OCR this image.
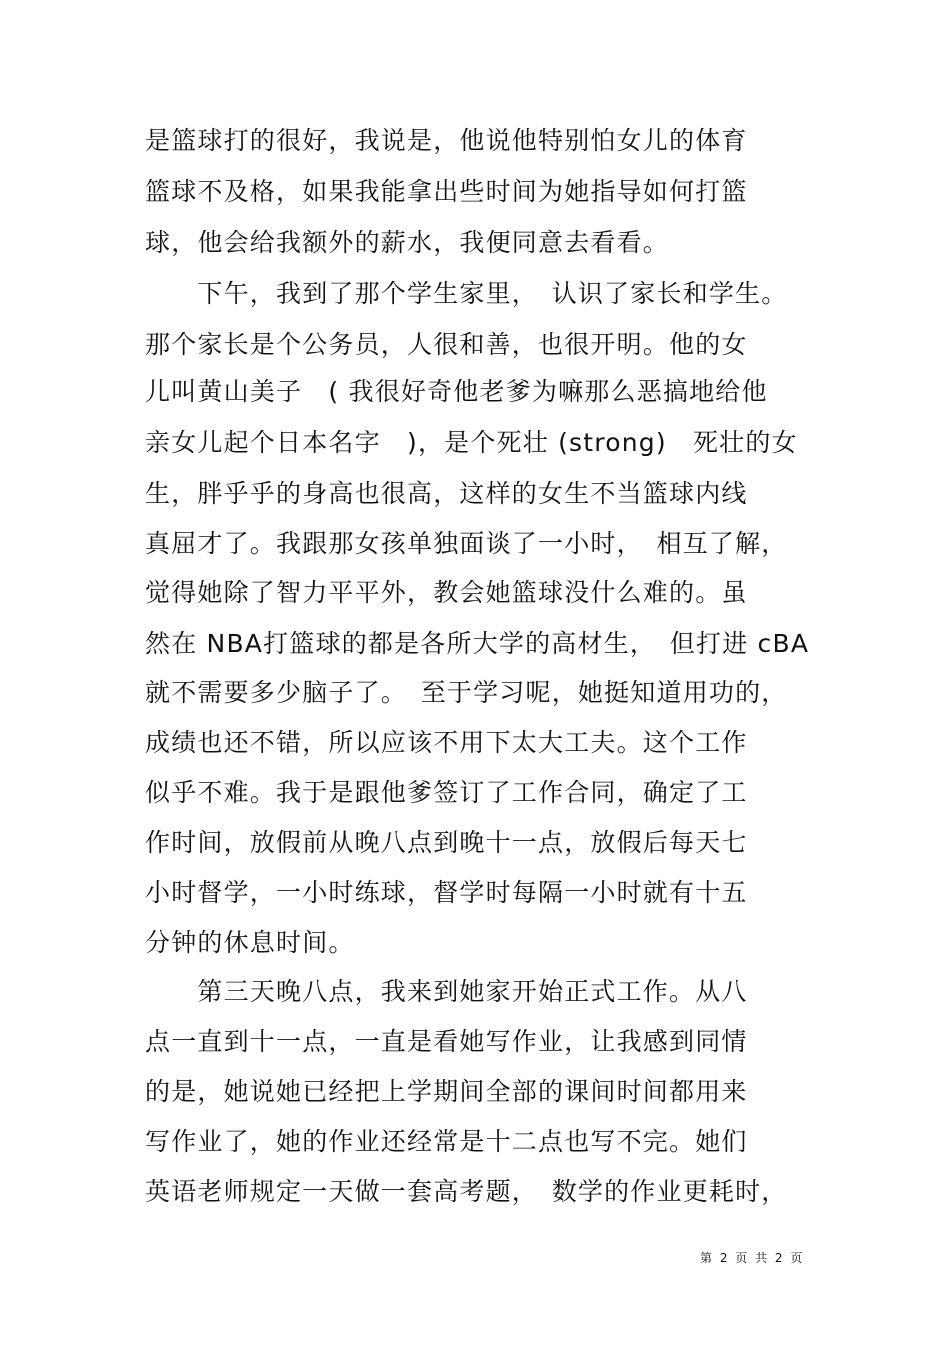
是篮球打的很好，我说是，他说他特别怕女儿的体育
篮球不及格，如果我能拿出些时间为她指导如何打篮
球，他会给我额外的薪水，我便同意去看看。
　　下午，我到了那个学生家里，　认识了家长和学生。
那个家长是个公务员，人很和善，也很开明。他的女
儿叫黄山美子　( 我很好奇他老爹为嘛那么恶搞地给他
亲女儿起个日本名字　)，是个死壮 (strong)　死壮的女
生，胖乎乎的身高也很高，这样的女生不当篮球内线
真屈才了。我跟那女孩单独面谈了一小时，　相互了解，
觉得她除了智力平平外，教会她篮球没什么难的。虽
然在 NBA打篮球的都是各所大学的高材生，　但打进 cBA
就不需要多少脑子了。　至于学习呢，她挺知道用功的，
成绩也还不错，所以应该不用下太大工夫。这个工作
似乎不难。我于是跟他爹签订了工作合同，确定了工
作时间，放假前从晚八点到晚十一点，放假后每天七
小时督学，一小时练球，督学时每隔一小时就有十五
分钟的休息时间。
　　第三天晚八点，我来到她家开始正式工作。从八
点一直到十一点，一直是看她写作业，让我感到同情
的是，她说她已经把上学期间全部的课间时间都用来
写作业了，她的作业还经常是十二点也写不完。她们
英语老师规定一天做一套高考题，　数学的作业更耗时，
第 2 页 共 2 页
